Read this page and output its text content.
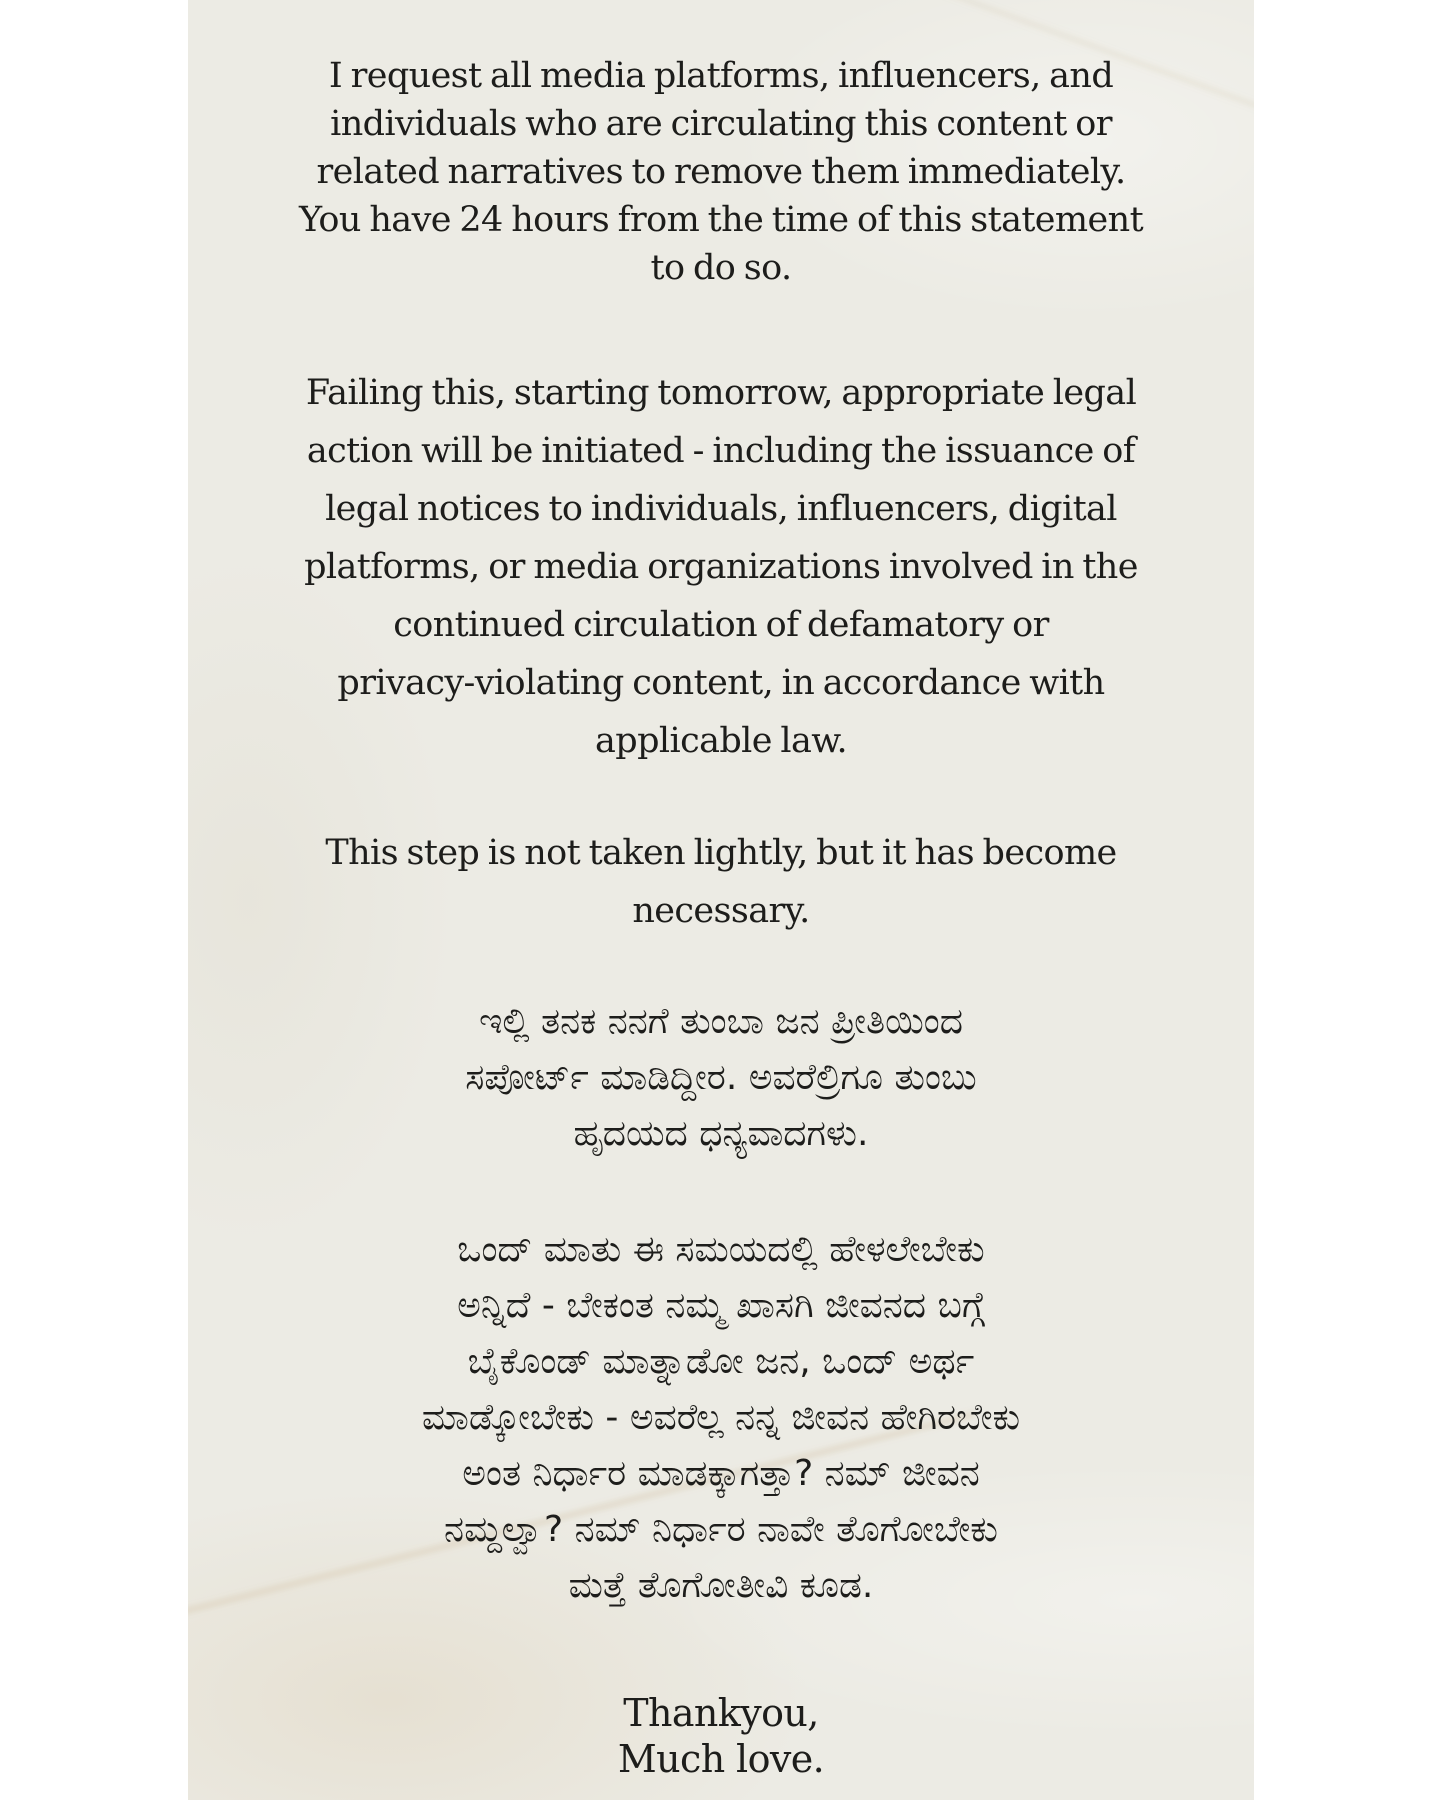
I request all media platforms, influencers, and
individuals who are circulating this content or
related narratives to remove them immediately.
You have 24 hours from the time of this statement
to do so.
Failing this, starting tomorrow, appropriate legal
action will be initiated - including the issuance of
legal notices to individuals, influencers, digital
platforms, or media organizations involved in the
continued circulation of defamatory or
privacy-violating content, in accordance with
applicable law.
This step is not taken lightly, but it has become
necessary.
ಇಲ್ಲಿ ತನಕ ನನಗೆ ತುಂಬಾ ಜನ ಪ್ರೀತಿಯಿಂದ
ಸಪೋರ್ಟ್ ಮಾಡಿದ್ದೀರ. ಅವರೆಲ್ರಿಗೂ ತುಂಬು
ಹೃದಯದ ಧನ್ಯವಾದಗಳು.
ಒಂದ್ ಮಾತು ಈ ಸಮಯದಲ್ಲಿ ಹೇಳಲೇಬೇಕು
ಅನ್ನಿದೆ - ಬೇಕಂತ ನಮ್ಮ ಖಾಸಗಿ ಜೀವನದ ಬಗ್ಗೆ
ಬೈಕೊಂಡ್ ಮಾತ್ನಾಡೋ ಜನ, ಒಂದ್ ಅರ್ಥ
ಮಾಡ್ಕೋಬೇಕು - ಅವರೆಲ್ಲ ನನ್ನ ಜೀವನ ಹೇಗಿರಬೇಕು
ಅಂತ ನಿರ್ಧಾರ ಮಾಡಕ್ಕಾಗತ್ತಾ? ನಮ್ ಜೀವನ
ನಮ್ದಲ್ವಾ? ನಮ್ ನಿರ್ಧಾರ ನಾವೇ ತೊಗೋಬೇಕು
ಮತ್ತೆ ತೊಗೋತೀವಿ ಕೂಡ.
Thankyou,
Much love.
